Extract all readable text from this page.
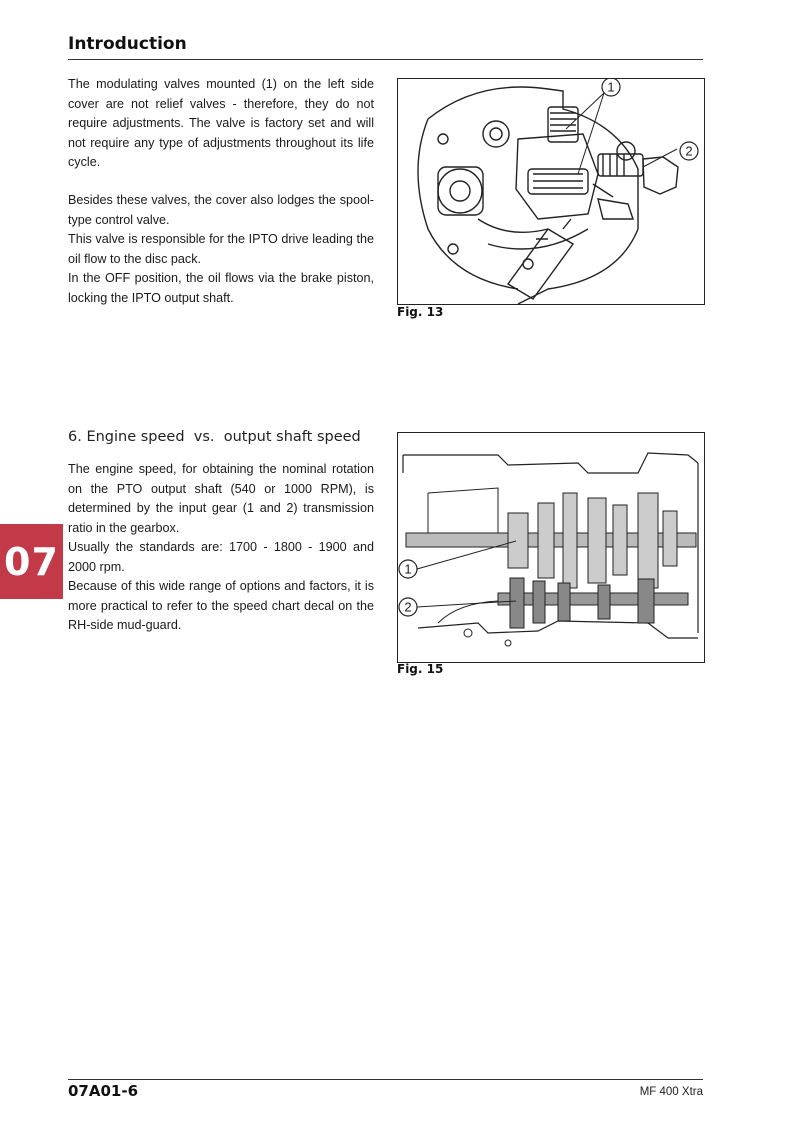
Introduction

The modulating valves mounted (1) on the left side cover are not relief valves - therefore, they do not require adjustments. The valve is factory set and will not require any type of adjustments throughout its life cycle.

Besides these valves, the cover also lodges the spool-type control valve.

This valve is responsible for the IPTO drive leading the oil flow to the disc pack.

In the OFF position, the oil flows via the brake piston, locking the IPTO output shaft.

1
2
Fig. 13
6. Engine speed  vs.  output shaft speed

The engine speed, for obtaining the nominal rotation on the PTO output shaft (540 or 1000 RPM), is determined by the input gear (1 and 2) transmission ratio in the gearbox.

Usually the standards are: 1700 - 1800 - 1900 and 2000 rpm.

Because of this wide range of options and factors, it is more practical to refer to the speed chart decal on the RH-side mud-guard.

1
2
Fig. 15
07
07A01-6	MF 400 Xtra
